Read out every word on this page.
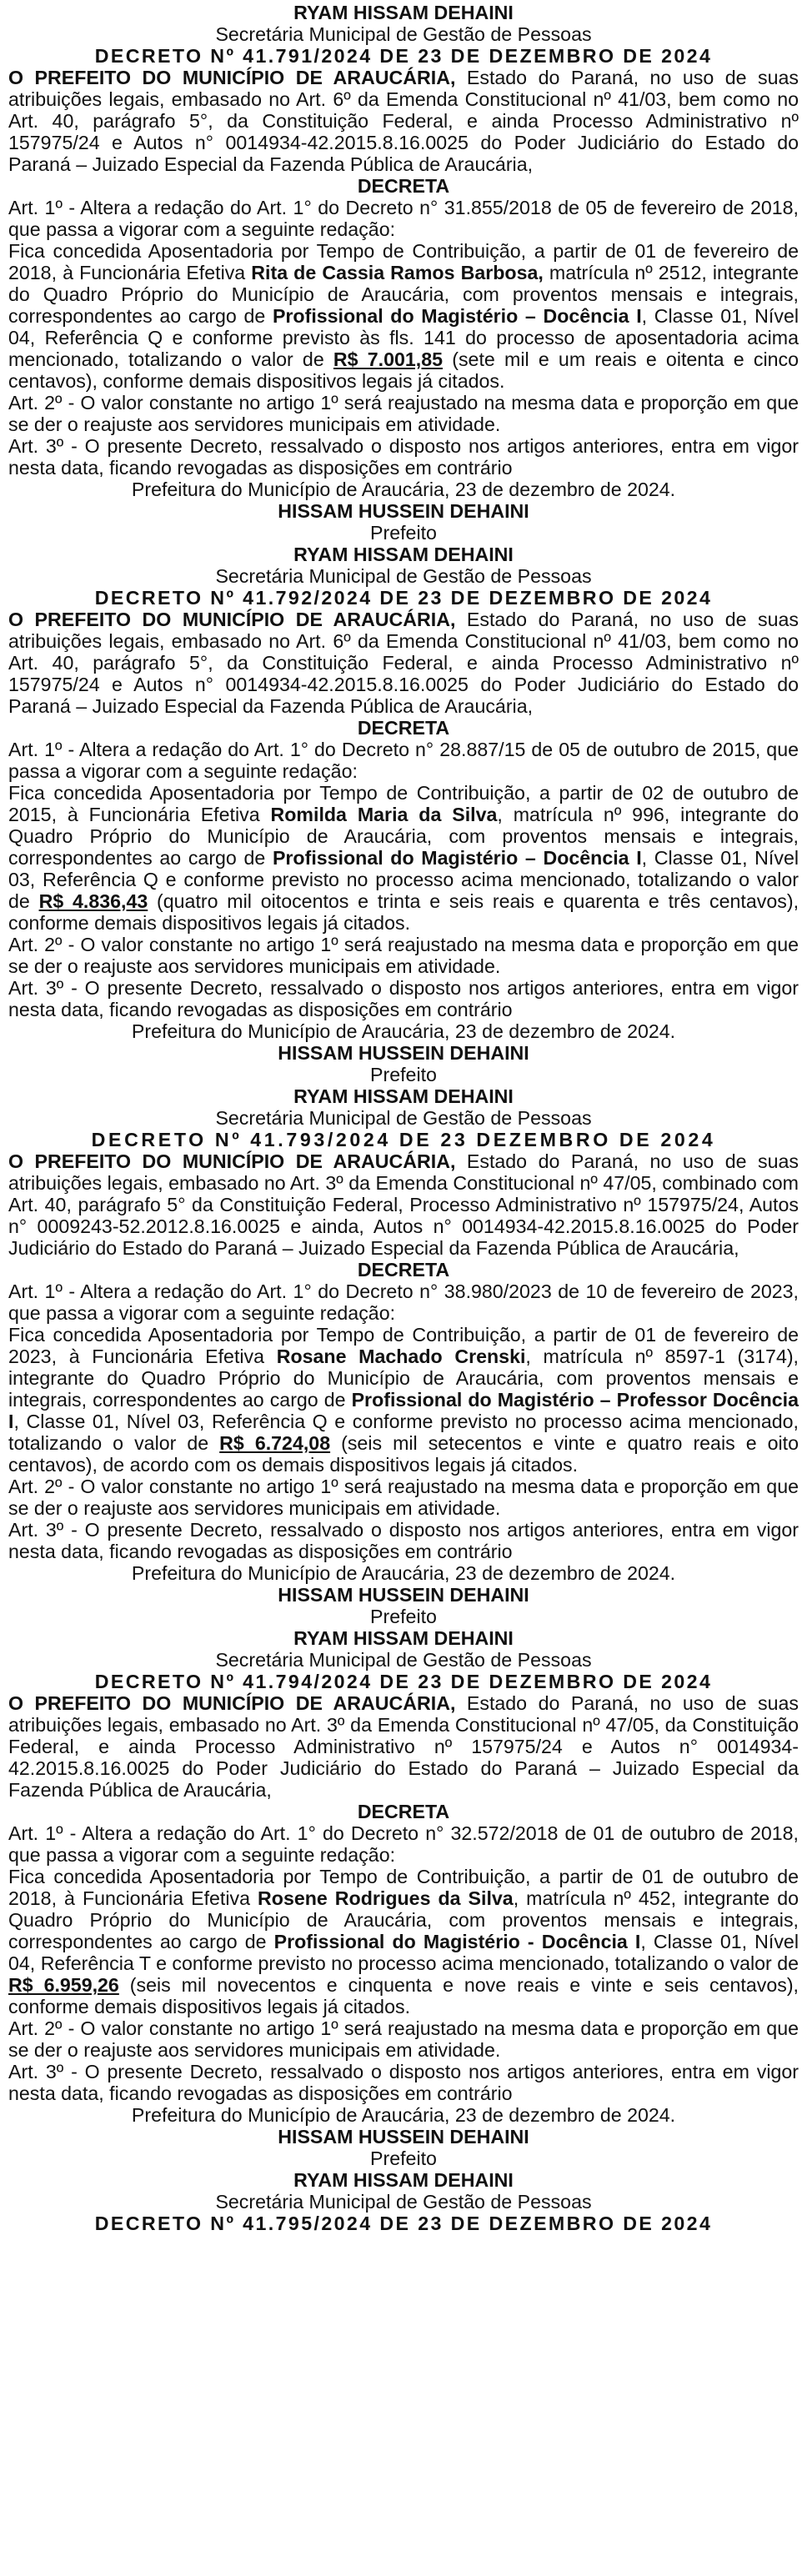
RYAM HISSAM DEHAINI

Secretária Municipal de Gestão de Pessoas

DECRETO Nº 41.791/2024 DE 23 DE DEZEMBRO DE 2024

O PREFEITO DO MUNICÍPIO DE ARAUCÁRIA, Estado do Paraná, no uso de suas atribuições legais, embasado no Art. 6º da Emenda Constitucional nº 41/03, bem como no Art. 40, parágrafo 5°, da Constituição Federal, e ainda Processo Administrativo nº 157975/24 e Autos n° 0014934-42.2015.8.16.0025 do Poder Judiciário do Estado do Paraná – Juizado Especial da Fazenda Pública de Araucária,

DECRETA

Art. 1º - Altera a redação do Art. 1° do Decreto n° 31.855/2018 de 05 de fevereiro de 2018, que passa a vigorar com a seguinte redação:

Fica concedida Aposentadoria por Tempo de Contribuição, a partir de 01 de fevereiro de 2018, à Funcionária Efetiva Rita de Cassia Ramos Barbosa, matrícula nº 2512, integrante do Quadro Próprio do Município de Araucária, com proventos mensais e integrais, correspondentes ao cargo de Profissional do Magistério – Docência I, Classe 01, Nível 04, Referência Q e conforme previsto às fls. 141 do processo de aposentadoria acima mencionado, totalizando o valor de R$ 7.001,85 (sete mil e um reais e oitenta e cinco centavos), conforme demais dispositivos legais já citados.

Art. 2º - O valor constante no artigo 1º será reajustado na mesma data e proporção em que se der o reajuste aos servidores municipais em atividade.

Art. 3º - O presente Decreto, ressalvado o disposto nos artigos anteriores, entra em vigor nesta data, ficando revogadas as disposições em contrário

Prefeitura do Município de Araucária, 23 de dezembro de 2024.

HISSAM HUSSEIN DEHAINI

Prefeito

RYAM HISSAM DEHAINI

Secretária Municipal de Gestão de Pessoas

DECRETO Nº 41.792/2024 DE 23 DE DEZEMBRO DE 2024

O PREFEITO DO MUNICÍPIO DE ARAUCÁRIA, Estado do Paraná, no uso de suas atribuições legais, embasado no Art. 6º da Emenda Constitucional nº 41/03, bem como no Art. 40, parágrafo 5°, da Constituição Federal, e ainda Processo Administrativo nº 157975/24 e Autos n° 0014934-42.2015.8.16.0025 do Poder Judiciário do Estado do Paraná – Juizado Especial da Fazenda Pública de Araucária,

DECRETA

Art. 1º - Altera a redação do Art. 1° do Decreto n° 28.887/15 de 05 de outubro de 2015, que passa a vigorar com a seguinte redação:

Fica concedida Aposentadoria por Tempo de Contribuição, a partir de 02 de outubro de 2015, à Funcionária Efetiva Romilda Maria da Silva, matrícula nº 996, integrante do Quadro Próprio do Município de Araucária, com proventos mensais e integrais, correspondentes ao cargo de Profissional do Magistério – Docência I, Classe 01, Nível 03, Referência Q e conforme previsto no processo acima mencionado, totalizando o valor de R$ 4.836,43 (quatro mil oitocentos e trinta e seis reais e quarenta e três centavos), conforme demais dispositivos legais já citados.

Art. 2º - O valor constante no artigo 1º será reajustado na mesma data e proporção em que se der o reajuste aos servidores municipais em atividade.

Art. 3º - O presente Decreto, ressalvado o disposto nos artigos anteriores, entra em vigor nesta data, ficando revogadas as disposições em contrário

Prefeitura do Município de Araucária, 23 de dezembro de 2024.

HISSAM HUSSEIN DEHAINI

Prefeito

RYAM HISSAM DEHAINI

Secretária Municipal de Gestão de Pessoas

DECRETO Nº 41.793/2024 DE 23 DEZEMBRO DE 2024

O PREFEITO DO MUNICÍPIO DE ARAUCÁRIA, Estado do Paraná, no uso de suas atribuições legais, embasado no Art. 3º da Emenda Constitucional nº 47/05, combinado com Art. 40, parágrafo 5° da Constituição Federal, Processo Administrativo nº 157975/24, Autos n° 0009243-52.2012.8.16.0025 e ainda, Autos n° 0014934-42.2015.8.16.0025 do Poder Judiciário do Estado do Paraná – Juizado Especial da Fazenda Pública de Araucária,

DECRETA

Art. 1º - Altera a redação do Art. 1° do Decreto n° 38.980/2023 de 10 de fevereiro de 2023, que passa a vigorar com a seguinte redação:

Fica concedida Aposentadoria por Tempo de Contribuição, a partir de 01 de fevereiro de 2023, à Funcionária Efetiva Rosane Machado Crenski, matrícula nº 8597-1 (3174), integrante do Quadro Próprio do Município de Araucária, com proventos mensais e integrais, correspondentes ao cargo de Profissional do Magistério – Professor Docência I, Classe 01, Nível 03, Referência Q e conforme previsto no processo acima mencionado, totalizando o valor de R$ 6.724,08 (seis mil setecentos e vinte e quatro reais e oito centavos), de acordo com os demais dispositivos legais já citados.

Art. 2º - O valor constante no artigo 1º será reajustado na mesma data e proporção em que se der o reajuste aos servidores municipais em atividade.

Art. 3º - O presente Decreto, ressalvado o disposto nos artigos anteriores, entra em vigor nesta data, ficando revogadas as disposições em contrário

Prefeitura do Município de Araucária, 23 de dezembro de 2024.

HISSAM HUSSEIN DEHAINI

Prefeito

RYAM HISSAM DEHAINI

Secretária Municipal de Gestão de Pessoas

DECRETO Nº 41.794/2024 DE 23 DE DEZEMBRO DE 2024

O PREFEITO DO MUNICÍPIO DE ARAUCÁRIA, Estado do Paraná, no uso de suas atribuições legais, embasado no Art. 3º da Emenda Constitucional nº 47/05, da Constituição Federal, e ainda Processo Administrativo nº 157975/24 e Autos n° 0014934-42.2015.8.16.0025 do Poder Judiciário do Estado do Paraná – Juizado Especial da Fazenda Pública de Araucária,

DECRETA

Art. 1º - Altera a redação do Art. 1° do Decreto n° 32.572/2018 de 01 de outubro de 2018, que passa a vigorar com a seguinte redação:

Fica concedida Aposentadoria por Tempo de Contribuição, a partir de 01 de outubro de 2018, à Funcionária Efetiva Rosene Rodrigues da Silva, matrícula nº 452, integrante do Quadro Próprio do Município de Araucária, com proventos mensais e integrais, correspondentes ao cargo de Profissional do Magistério - Docência I, Classe 01, Nível 04, Referência T e conforme previsto no processo acima mencionado, totalizando o valor de R$ 6.959,26 (seis mil novecentos e cinquenta e nove reais e vinte e seis centavos), conforme demais dispositivos legais já citados.

Art. 2º - O valor constante no artigo 1º será reajustado na mesma data e proporção em que se der o reajuste aos servidores municipais em atividade.

Art. 3º - O presente Decreto, ressalvado o disposto nos artigos anteriores, entra em vigor nesta data, ficando revogadas as disposições em contrário

Prefeitura do Município de Araucária, 23 de dezembro de 2024.

HISSAM HUSSEIN DEHAINI

Prefeito

RYAM HISSAM DEHAINI

Secretária Municipal de Gestão de Pessoas

DECRETO Nº 41.795/2024 DE 23 DE DEZEMBRO DE 2024
